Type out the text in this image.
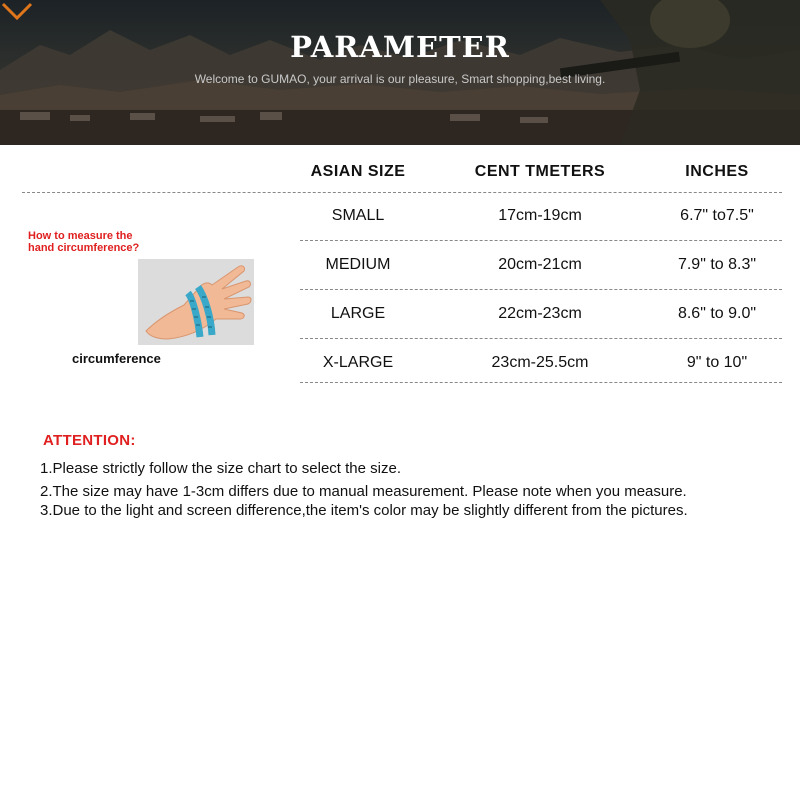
PARAMETER
Welcome to GUMAO, your arrival is our pleasure, Smart shopping,best living.
ASIAN SIZE	CENT TMETERS	INCHES
SMALL	17cm-19cm	6.7" to7.5"
MEDIUM	20cm-21cm	7.9" to 8.3"
LARGE	22cm-23cm	8.6" to 9.0"
X-LARGE	23cm-25.5cm	9" to 10"
How to measure the
hand circumference?
circumference
ATTENTION:
1.Please strictly follow the size chart to select the size.
2.The size may have 1-3cm differs due to manual measurement. Please note when you measure.
3.Due to the light and screen difference,the item's color may be slightly different from the pictures.
